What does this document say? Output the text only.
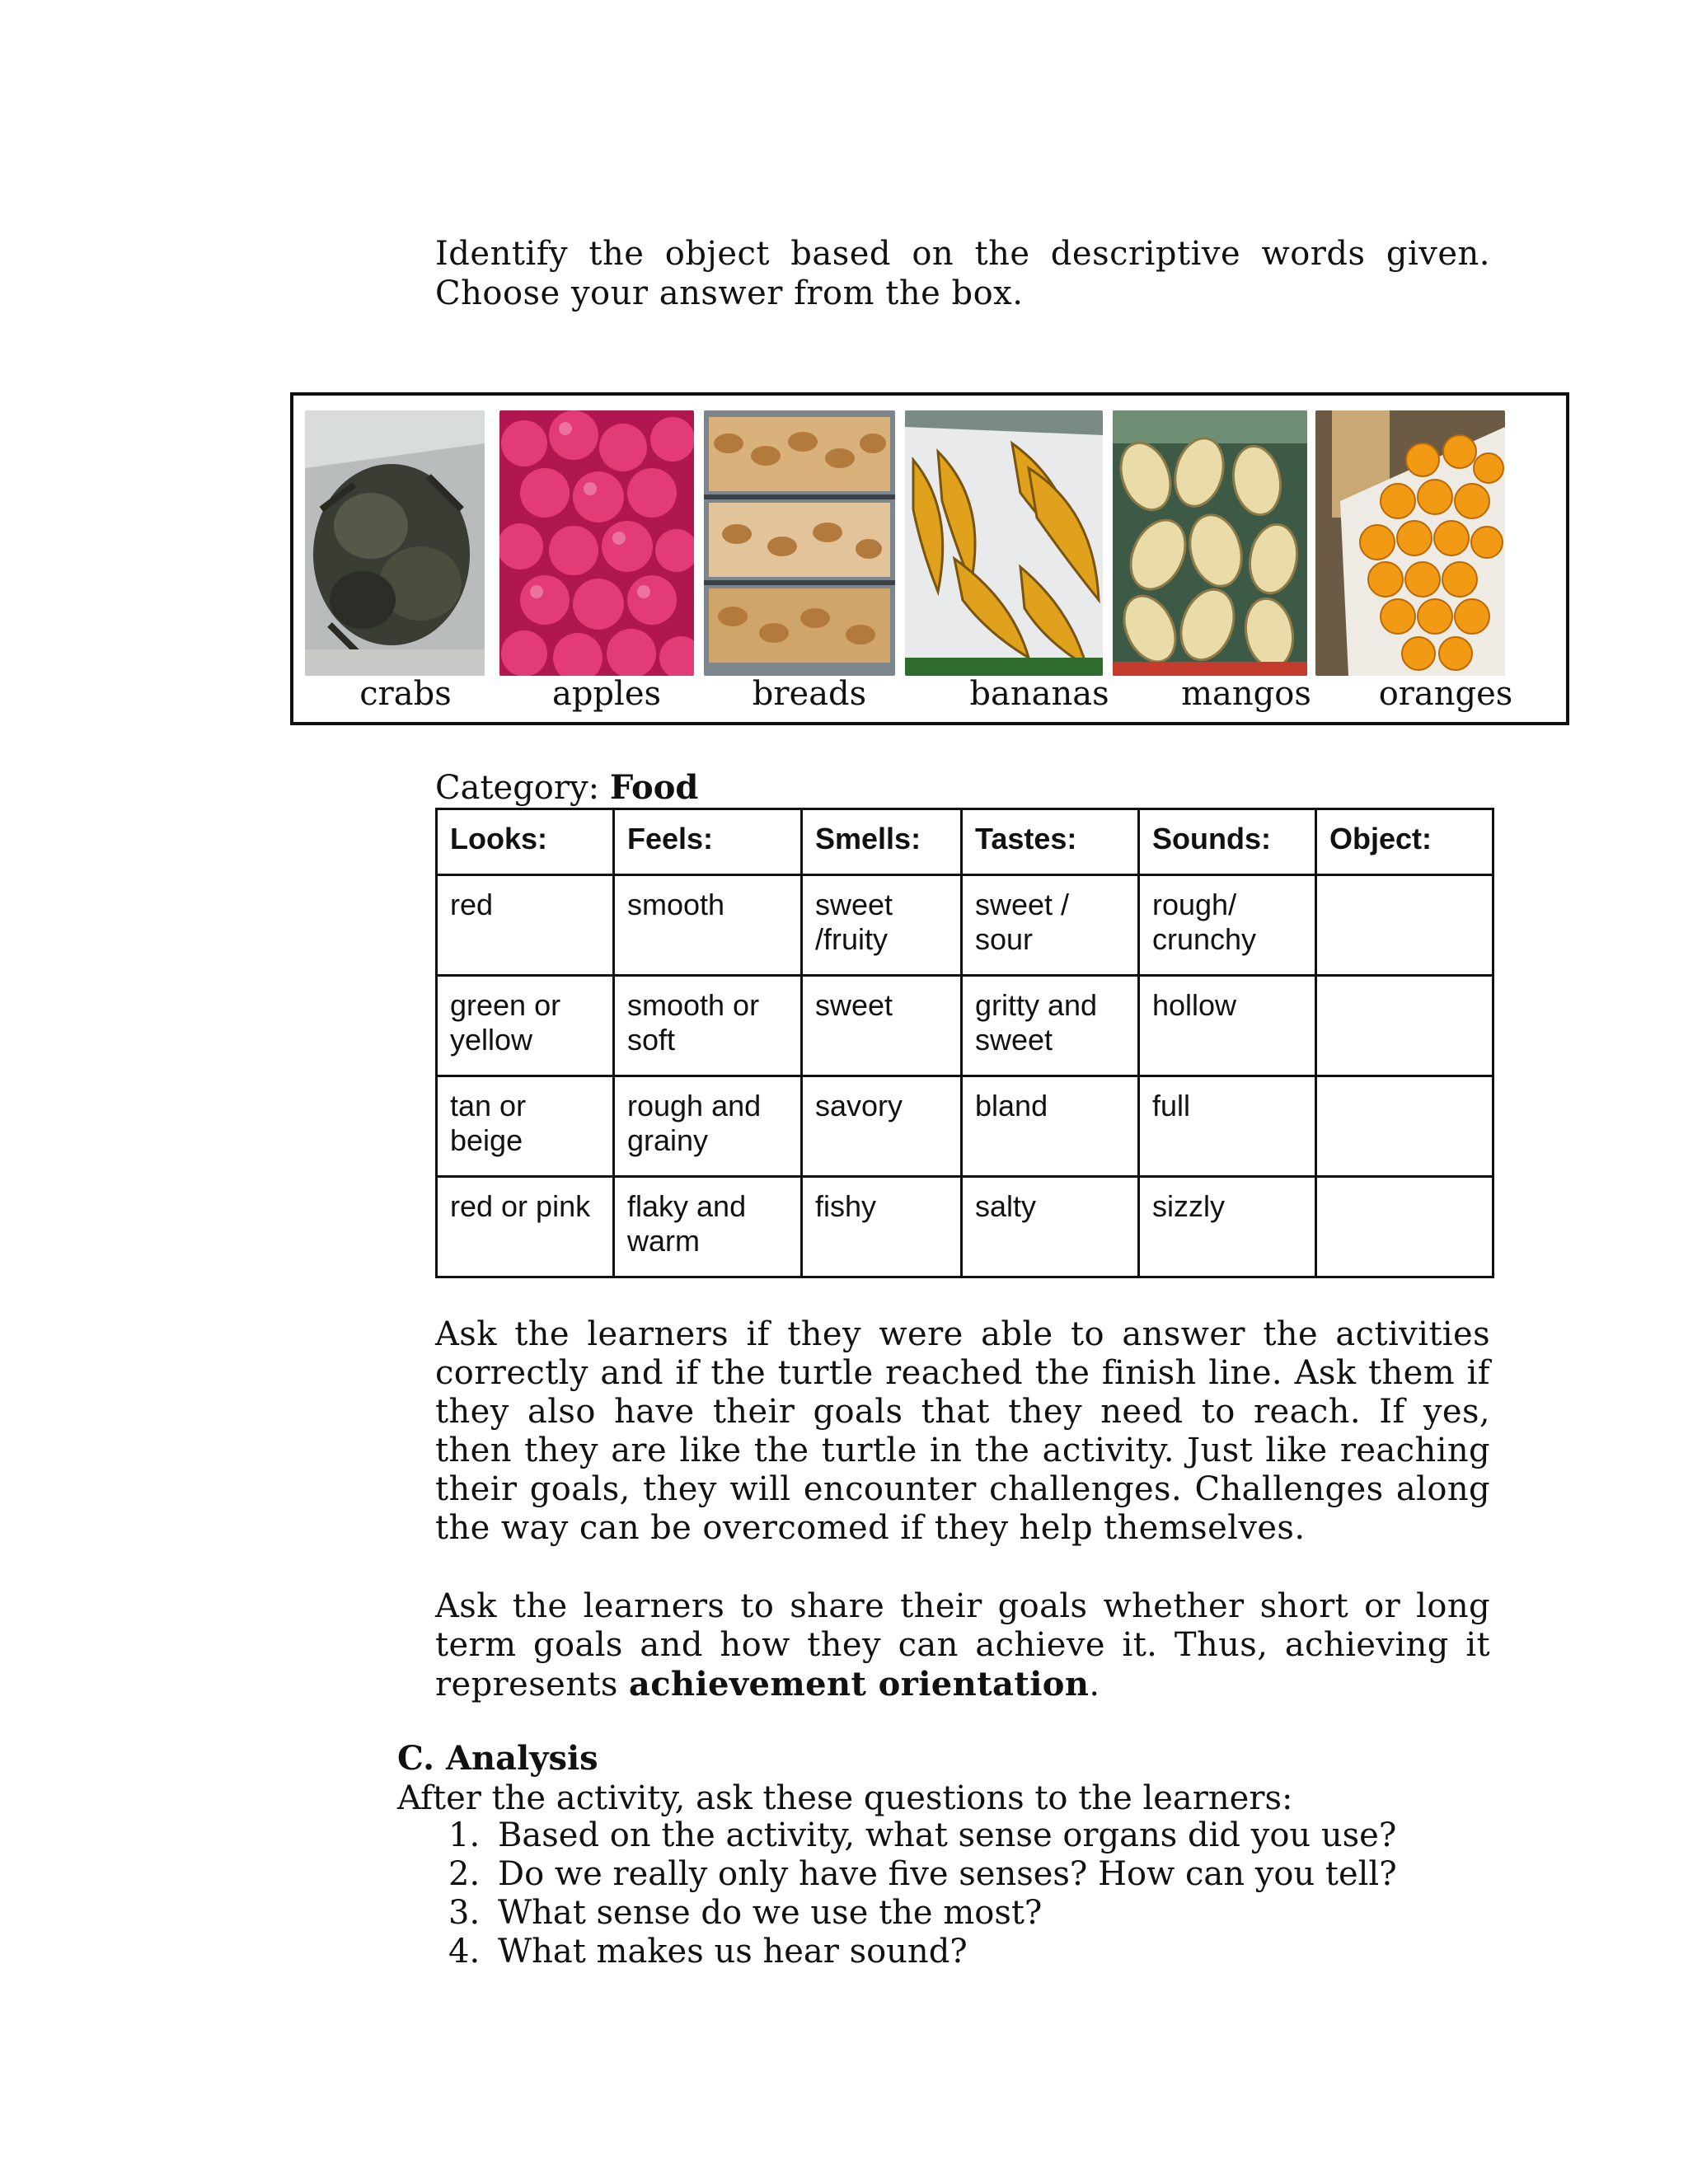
Identify the object based on the descriptive words given. Choose your answer from the box.
crabs	apples	breads	bananas mangos oranges
Category: Food
Looks:	Feels:	Smells:	Tastes:	Sounds:	Object:
red	smooth	sweet /fruity	sweet / sour	rough/ crunchy	
green or yellow	smooth or soft	sweet	gritty and sweet	hollow	
tan or beige	rough and grainy	savory	bland	full	
red or pink	flaky and warm	fishy	salty	sizzly	
Ask the learners if they were able to answer the activities correctly and if the turtle reached the finish line. Ask them if they also have their goals that they need to reach. If yes, then they are like the turtle in the activity. Just like reaching their goals, they will encounter challenges. Challenges along the way can be overcomed if they help themselves.
Ask the learners to share their goals whether short or long term goals and how they can achieve it. Thus, achieving it represents achievement orientation.
C. Analysis
After the activity, ask these questions to the learners:
1. Based on the activity, what sense organs did you use?
2. Do we really only have five senses? How can you tell?
3. What sense do we use the most?
4. What makes us hear sound?
